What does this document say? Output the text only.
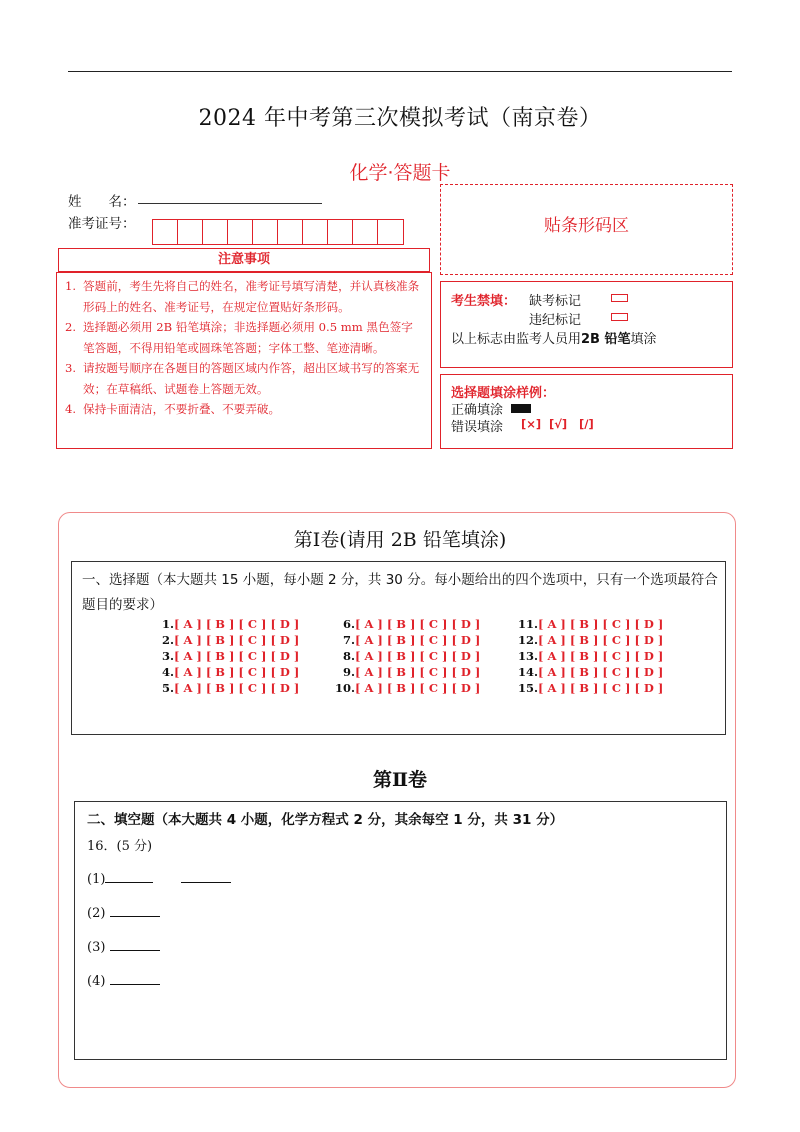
2024 年中考第三次模拟考试（南京卷）
化学·答题卡
姓　　名：
准考证号：	贴条形码区
注意事项
1. 答题前，考生先将自己的姓名，准考证号填写清楚，并认真核准条形码上的姓名、准考证号，在规定位置贴好条形码。
2. 选择题必须用 2B 铅笔填涂；非选择题必须用 0.5 mm 黑色签字笔答题，不得用铅笔或圆珠笔答题；字体工整、笔迹清晰。
3. 请按题号顺序在各题目的答题区域内作答，超出区域书写的答案无效；在草稿纸、试题卷上答题无效。
4. 保持卡面清洁，不要折叠、不要弄破。
考生禁填： 缺考标记
违纪标记
以上标志由监考人员用2B 铅笔填涂
选择题填涂样例：
正确填涂
错误填涂 [×] [√] [/]
第Ⅰ卷(请用 2B 铅笔填涂)
一、选择题（本大题共 15 小题，每小题 2 分，共 30 分。每小题给出的四个选项中，只有一个选项最符合题目的要求）
1.[ A ] [ B ] [ C ] [ D ]
2.[ A ] [ B ] [ C ] [ D ]
3.[ A ] [ B ] [ C ] [ D ]
4.[ A ] [ B ] [ C ] [ D ]
5.[ A ] [ B ] [ C ] [ D ]
6.[ A ] [ B ] [ C ] [ D ]
7.[ A ] [ B ] [ C ] [ D ]
8.[ A ] [ B ] [ C ] [ D ]
9.[ A ] [ B ] [ C ] [ D ]
10.[ A ] [ B ] [ C ] [ D ]
11.[ A ] [ B ] [ C ] [ D ]
12.[ A ] [ B ] [ C ] [ D ]
13.[ A ] [ B ] [ C ] [ D ]
14.[ A ] [ B ] [ C ] [ D ]
15.[ A ] [ B ] [ C ] [ D ]
第Ⅱ卷
二、填空题（本大题共 4 小题，化学方程式 2 分，其余每空 1 分，共 31 分）
16．(5 分)
(1)
(2)
(3)
(4)
